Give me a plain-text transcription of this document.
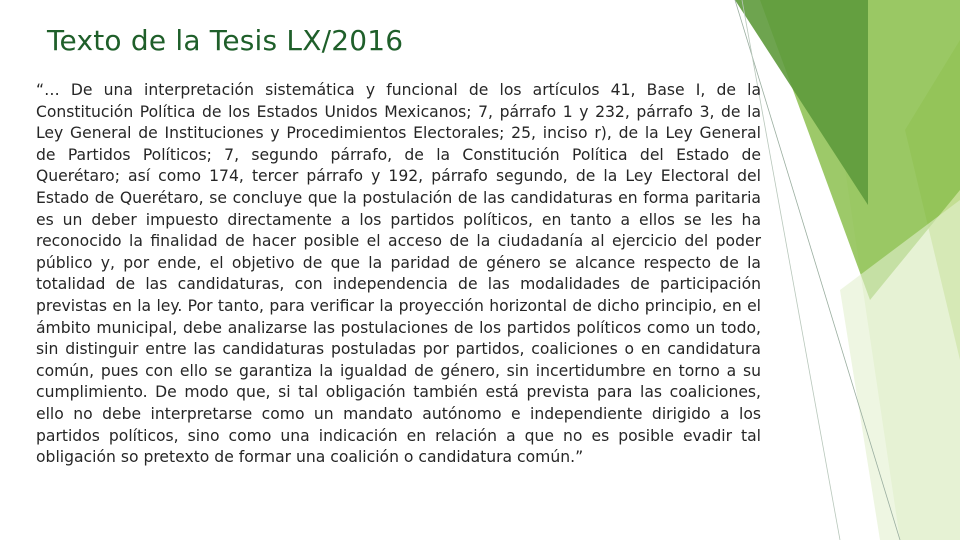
Texto de la Tesis LX/2016
“… De una interpretación sistemática y funcional de los artículos 41, Base I, de la Constitución Política de los Estados Unidos Mexicanos; 7, párrafo 1 y 232, párrafo 3, de la Ley General de Instituciones y Procedimientos Electorales; 25, inciso r), de la Ley General de Partidos Políticos; 7, segundo párrafo, de la Constitución Política del Estado de Querétaro; así como 174, tercer párrafo y 192, párrafo segundo, de la Ley Electoral del Estado de Querétaro, se concluye que la postulación de las candidaturas en forma paritaria es un deber impuesto directamente a los partidos políticos, en tanto a ellos se les ha reconocido la finalidad de hacer posible el acceso de la ciudadanía al ejercicio del poder público y, por ende, el objetivo de que la paridad de género se alcance respecto de la totalidad de las candidaturas, con independencia de las modalidades de participación previstas en la ley. Por tanto, para verificar la proyección horizontal de dicho principio, en el ámbito municipal, debe analizarse las postulaciones de los partidos políticos como un todo, sin distinguir entre las candidaturas postuladas por partidos, coaliciones o en candidatura común, pues con ello se garantiza la igualdad de género, sin incertidumbre en torno a su cumplimiento. De modo que, si tal obligación también está prevista para las coaliciones, ello no debe interpretarse como un mandato autónomo e independiente dirigido a los partidos políticos, sino como una indicación en relación a que no es posible evadir tal obligación so pretexto de formar una coalición o candidatura común.”
